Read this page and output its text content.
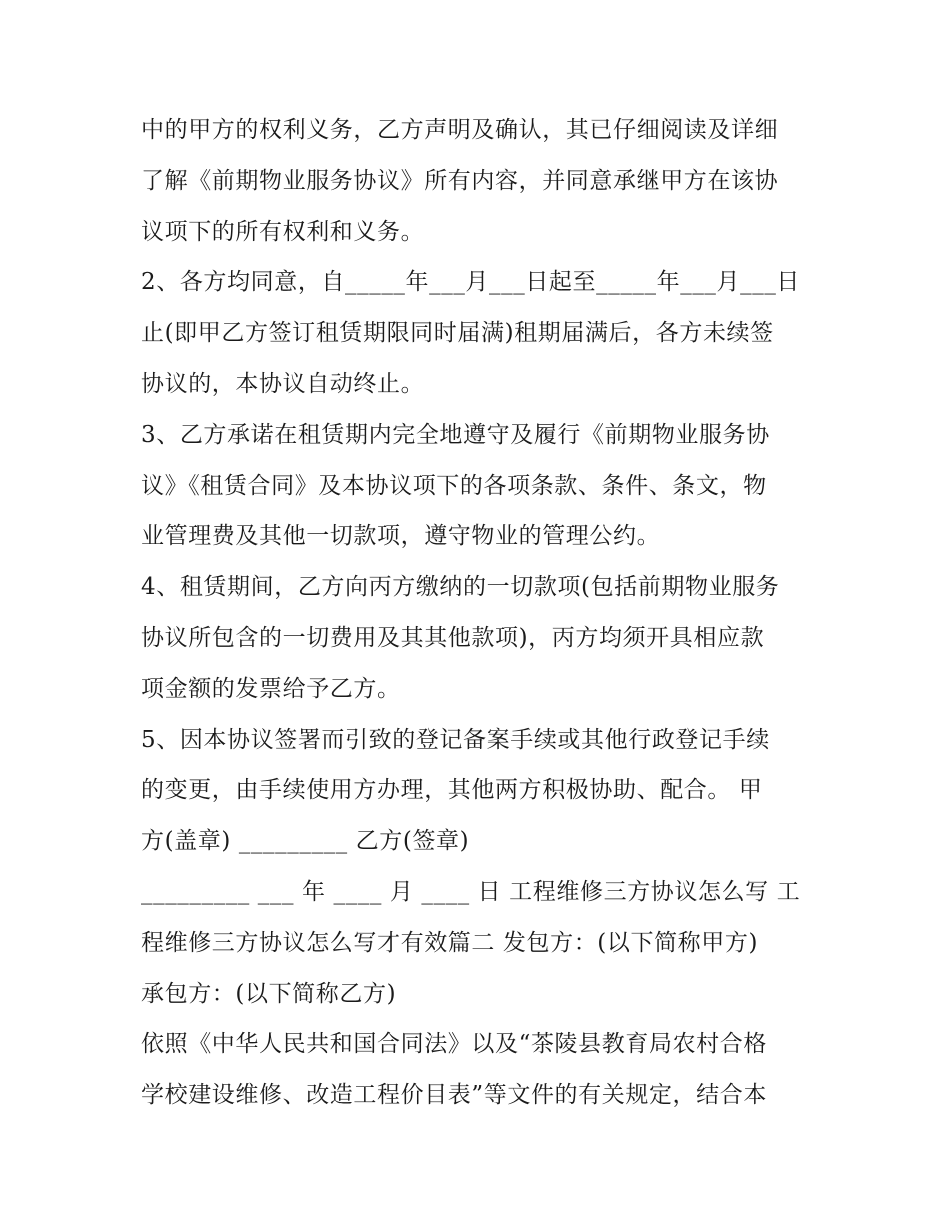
中的甲方的权利义务，乙方声明及确认，其已仔细阅读及详细
了解《前期物业服务协议》所有内容，并同意承继甲方在该协
议项下的所有权利和义务。
2、各方均同意，自_____年___月___日起至_____年___月___日
止(即甲乙方签订租赁期限同时届满)租期届满后，各方未续签
协议的，本协议自动终止。
3、乙方承诺在租赁期内完全地遵守及履行《前期物业服务协
议》《租赁合同》及本协议项下的各项条款、条件、条文，物
业管理费及其他一切款项，遵守物业的管理公约。
4、租赁期间，乙方向丙方缴纳的一切款项(包括前期物业服务
协议所包含的一切费用及其其他款项)，丙方均须开具相应款
项金额的发票给予乙方。
5、因本协议签署而引致的登记备案手续或其他行政登记手续
的变更，由手续使用方办理，其他两方积极协助、配合。 甲
方(盖章) _________ 乙方(签章)
_________ ___ 年 ____ 月 ____ 日 工程维修三方协议怎么写 工
程维修三方协议怎么写才有效篇二 发包方：(以下简称甲方)
承包方：(以下简称乙方)
依照《中华人民共和国合同法》以及“茶陵县教育局农村合格
学校建设维修、改造工程价目表”等文件的有关规定，结合本
